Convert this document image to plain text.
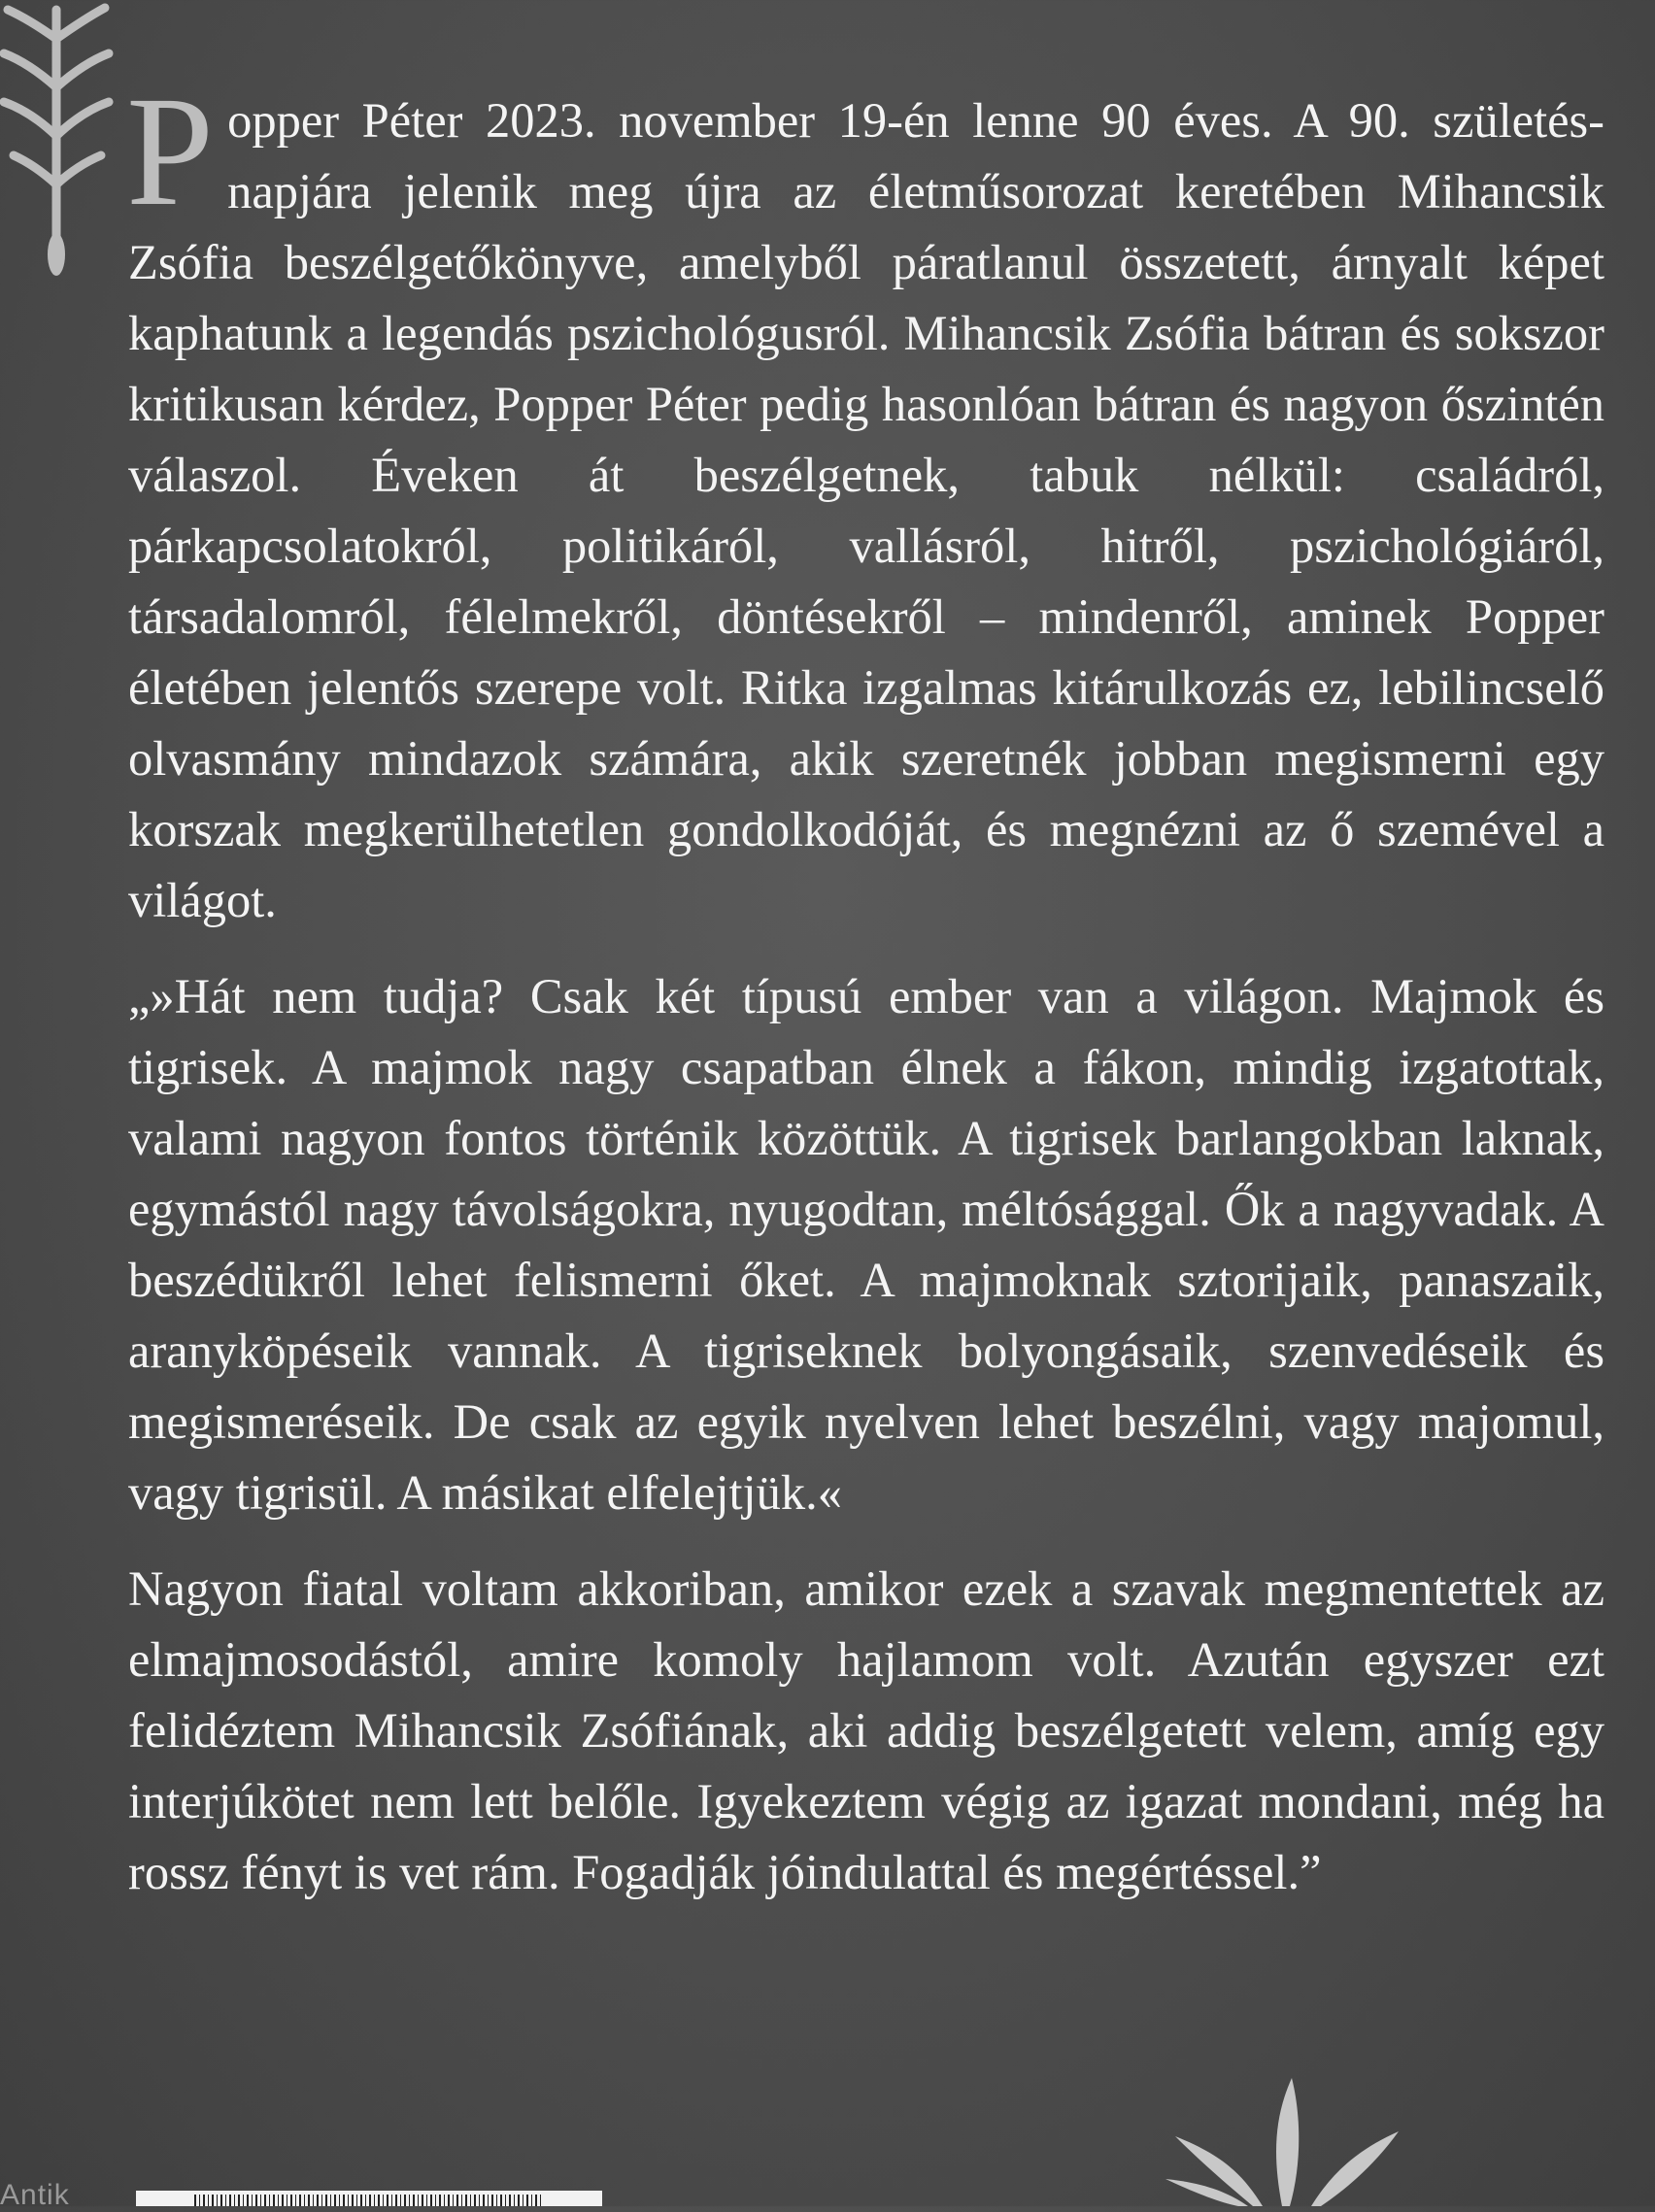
Popper Péter 2023. november 19-én lenne 90 éves. A 90. születés-napjára jelenik meg újra az életműsorozat keretében Mihancsik Zsófia beszélgetőkönyve, amelyből páratlanul összetett, árnyalt képet kaphatunk a legendás pszichológusról. Mihancsik Zsófia bátran és sokszor kritikusan kérdez, Popper Péter pedig hasonlóan bátran és nagyon őszintén válaszol. Éveken át beszélgetnek, tabuk nélkül: családról, párkapcsolatokról, politikáról, vallásról, hitről, pszichológiáról, társadalomról, félelmekről, döntésekről – mindenről, aminek Popper életében jelentős szerepe volt. Ritka izgalmas kitárulkozás ez, lebilincselő olvasmány mindazok számára, akik szeretnék jobban megismerni egy korszak megkerülhetetlen gondolkodóját, és megnézni az ő szemével a világot.

„»Hát nem tudja? Csak két típusú ember van a világon. Majmok és tigrisek. A majmok nagy csapatban élnek a fákon, mindig izgatottak, valami nagyon fontos történik közöttük. A tigrisek barlangokban laknak, egymástól nagy távolságokra, nyugodtan, méltósággal. Ők a nagyvadak. A beszédükről lehet felismerni őket. A majmoknak sztorijaik, panaszaik, aranyköpéseik vannak. A tigriseknek bolyongásaik, szenvedéseik és megismeréseik. De csak az egyik nyelven lehet beszélni, vagy majomul, vagy tigrisül. A másikat elfelejtjük.«

Nagyon fiatal voltam akkoriban, amikor ezek a szavak megmentettek az elmajmosodástól, amire komoly hajlamom volt. Azután egyszer ezt felidéztem Mihancsik Zsófiának, aki addig beszélgetett velem, amíg egy interjúkötet nem lett belőle. Igyekeztem végig az igazat mondani, még ha rossz fényt is vet rám. Fogadják jóindulattal és megértéssel.”

Antik
